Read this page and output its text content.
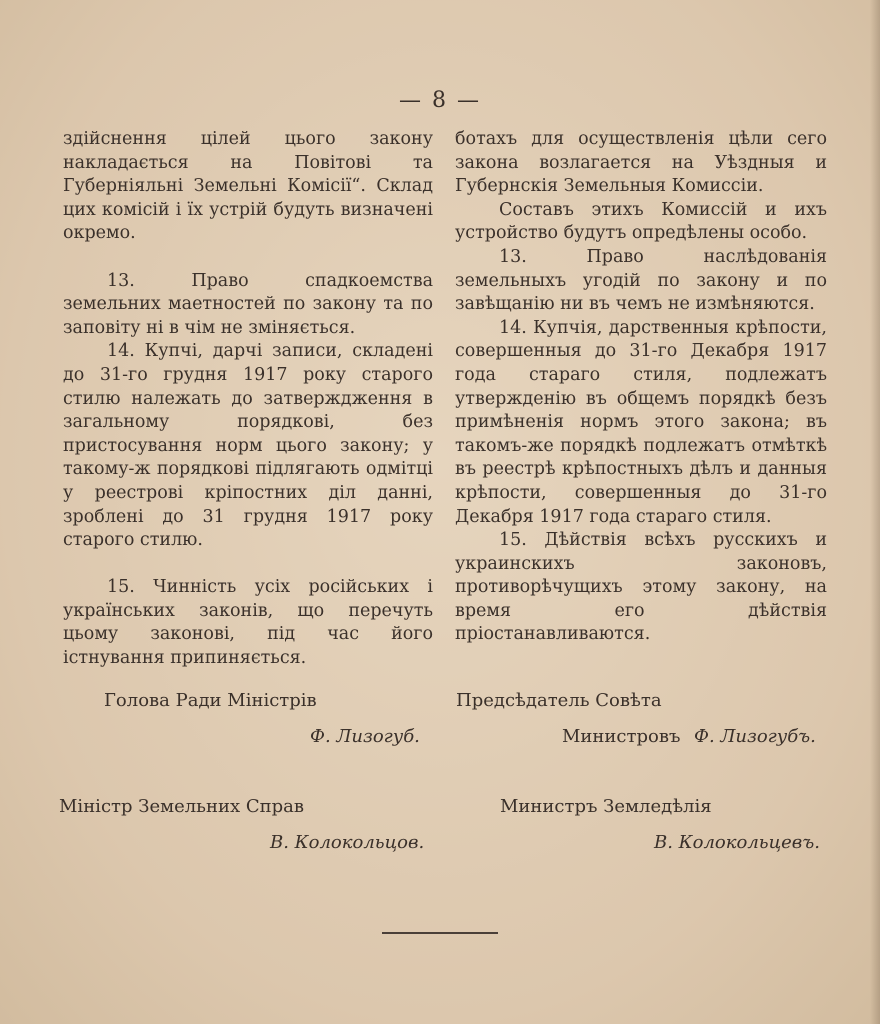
— 8 —

здійснення цілей цього закону накладається на Повітові та Губерніяльні Земельні Комісії“. Склад цих комісій і їх устрій будуть визначені окремо.

13. Право спадкоемства земельних маетностей по закону та по заповіту ні в чім не зміняється.

14. Купчі, дарчі записи, складені до 31-го грудня 1917 року старого стилю належать до затверждження в загальному порядкові, без пристосування норм цього закону; у такому-ж порядкові підлягають одмітці у реестрові кріпостних діл данні, зроблені до 31 грудня 1917 року старого стилю.

15. Чинність усіх російських і українських законів, що перечуть цьому законові, під час його істнування припиняється.

ботахъ для осуществленія цѣли сего закона возлагается на Уѣздныя и Губернскія Земельныя Комиссіи.

Составъ этихъ Комиссій и ихъ устройство будутъ опредѣлены особо.

13. Право наслѣдованія земельныхъ угодій по закону и по завѣщанію ни въ чемъ не измѣняются.

14. Купчія, дарственныя крѣпости, совершенныя до 31-го Декабря 1917 года стараго стиля, подлежатъ утвержденію въ общемъ порядкѣ безъ примѣненія нормъ этого закона; въ такомъ-же порядкѣ подлежатъ отмѣткѣ въ реестрѣ крѣпостныхъ дѣлъ и данныя крѣпости, совершенныя до 31-го Декабря 1917 года стараго стиля.

15. Дѣйствія всѣхъ русскихъ и украинскихъ законовъ, противорѣчущихъ этому закону, на время его дѣйствія пріостанавливаются.

Голова Ради Міністрів
Ф. Лизогуб.
Предсѣдатель Совѣта
Министровъ Ф. Лизогубъ.
Міністр Земельних Справ
В. Колокольцов.
Министръ Земледѣлія
В. Колокольцевъ.
